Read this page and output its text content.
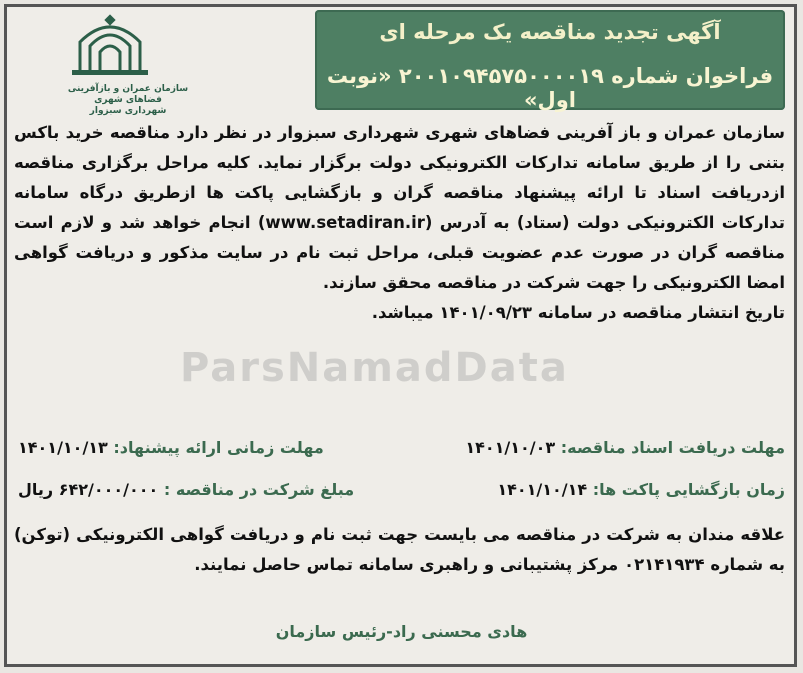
آگهی تجدید مناقصه یک مرحله ای
فراخوان شماره ۲۰۰۱۰۹۴۵۷۵۰۰۰۰۱۹ «نوبت اول»
سازمان عمران و بازآفرینی فضاهای شهری
شهرداری سبزوار
ParsNamadData

سازمان عمران و باز آفرینی فضاهای شهری شهرداری سبزوار در نظر دارد مناقصه خرید باکس بتنی را از طریق سامانه تدارکات الکترونیکی دولت برگزار نماید. کلیه مراحل برگزاری مناقصه ازدریافت اسناد تا ارائه پیشنهاد مناقصه گران و بازگشایی پاکت ها ازطریق درگاه سامانه تدارکات الکترونیکی دولت (ستاد) به آدرس (www.setadiran.ir) انجام خواهد شد و لازم است مناقصه گران در صورت عدم عضویت قبلی، مراحل ثبت نام در سایت مذکور و دریافت گواهی امضا الکترونیکی را جهت شرکت در مناقصه محقق سازند.

تاریخ انتشار مناقصه در سامانه ۱۴۰۱/۰۹/۲۳ میباشد.

مهلت دریافت اسناد مناقصه: ۱۴۰۱/۱۰/۰۳
مهلت زمانی ارائه پیشنهاد: ۱۴۰۱/۱۰/۱۳
زمان بازگشایی پاکت ها: ۱۴۰۱/۱۰/۱۴
مبلغ شرکت در مناقصه : ۶۴۲/۰۰۰/۰۰۰ ریال

علاقه مندان به شرکت در مناقصه می بایست جهت ثبت نام و دریافت گواهی الکترونیکی (توکن) به شماره ۰۲۱۴۱۹۳۴ مرکز پشتیبانی و راهبری سامانه تماس حاصل نمایند.

هادی محسنی راد-رئیس سازمان
